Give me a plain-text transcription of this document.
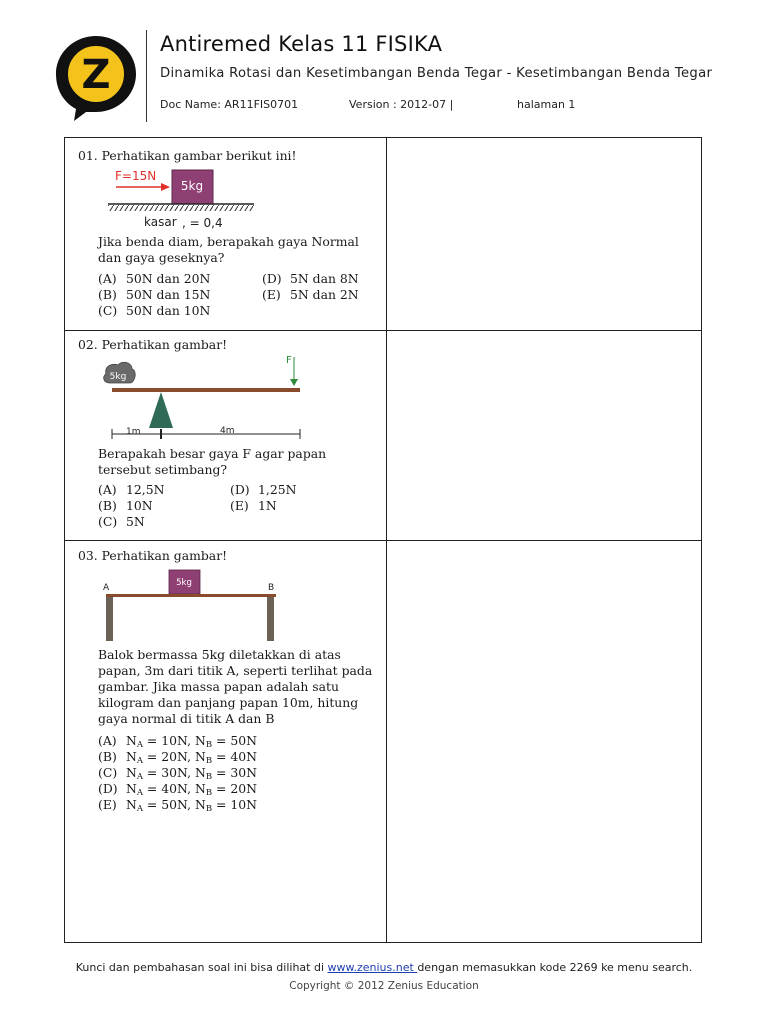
Z
Antiremed Kelas 11 FISIKA
Dinamika Rotasi dan Kesetimbangan Benda Tegar - Kesetimbangan Benda Tegar
Doc Name: AR11FIS0701	Version : 2012-07 |	halaman 1
01. Perhatikan gambar berikut ini!
F=15N
5kg
kasar , = 0,4
Jika benda diam, berapakah gaya Normal dan gaya geseknya?
(A) 50N dan 20N
(B) 50N dan 15N
(C) 50N dan 10N
(D) 5N dan 8N
(E) 5N dan 2N
02. Perhatikan gambar!
5kg
F
1m	4m
Berapakah besar gaya F agar papan tersebut setimbang?
(A) 12,5N
(B) 10N
(C) 5N
(D) 1,25N
(E) 1N
03. Perhatikan gambar!
A	B
5kg
Balok bermassa 5kg diletakkan di atas papan, 3m dari titik A, seperti terlihat pada gambar. Jika massa papan adalah satu kilogram dan panjang papan 10m, hitung gaya normal di titik A dan B
(A) $N_A = 10N$, $N_B = 50N$
(B) $N_A = 20N$, $N_B = 40N$
(C) $N_A = 30N$, $N_B = 30N$
(D) $N_A = 40N$, $N_B = 20N$
(E) $N_A = 50N$, $N_B = 10N$
Kunci dan pembahasan soal ini bisa dilihat di www.zenius.net dengan memasukkan kode 2269 ke menu search.
Copyright © 2012 Zenius Education
